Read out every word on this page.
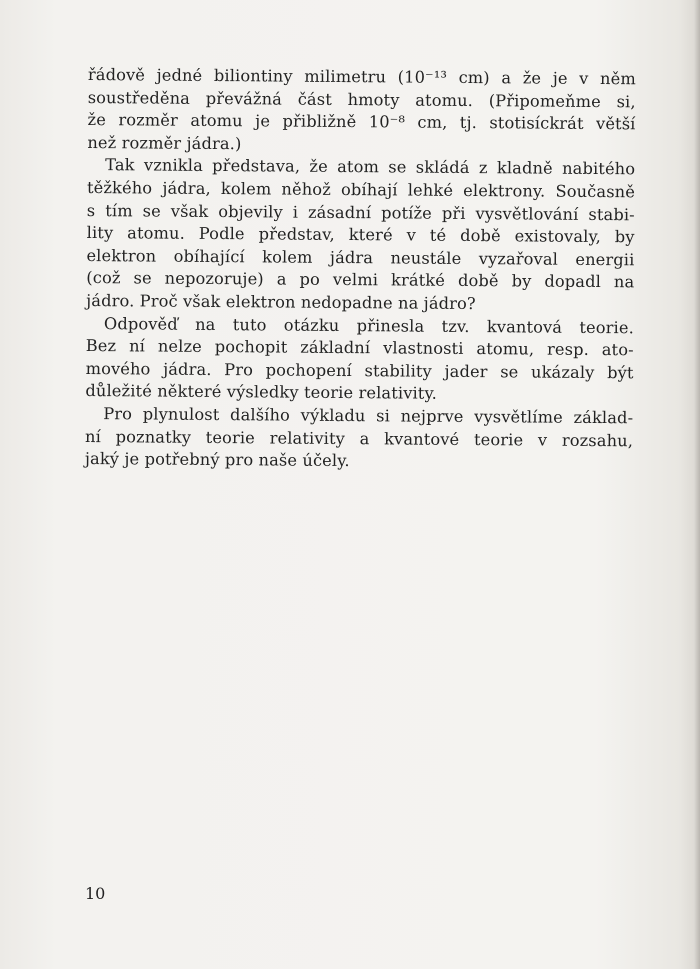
řádově jedné biliontiny milimetru (10⁻¹³ cm) a že je v něm
soustředěna převážná část hmoty atomu. (Připomeňme si,
že rozměr atomu je přibližně 10⁻⁸ cm, tj. stotisíckrát větší
než rozměr jádra.)

Tak vznikla představa, že atom se skládá z kladně nabitého
těžkého jádra, kolem něhož obíhají lehké elektrony. Současně
s tím se však objevily i zásadní potíže při vysvětlování stabi-
lity atomu. Podle představ, které v té době existovaly, by
elektron obíhající kolem jádra neustále vyzařoval energii
(což se nepozoruje) a po velmi krátké době by dopadl na
jádro. Proč však elektron nedopadne na jádro?

Odpověď na tuto otázku přinesla tzv. kvantová teorie.
Bez ní nelze pochopit základní vlastnosti atomu, resp. ato-
mového jádra. Pro pochopení stability jader se ukázaly být
důležité některé výsledky teorie relativity.

Pro plynulost dalšího výkladu si nejprve vysvětlíme základ-
ní poznatky teorie relativity a kvantové teorie v rozsahu,
jaký je potřebný pro naše účely.

10
